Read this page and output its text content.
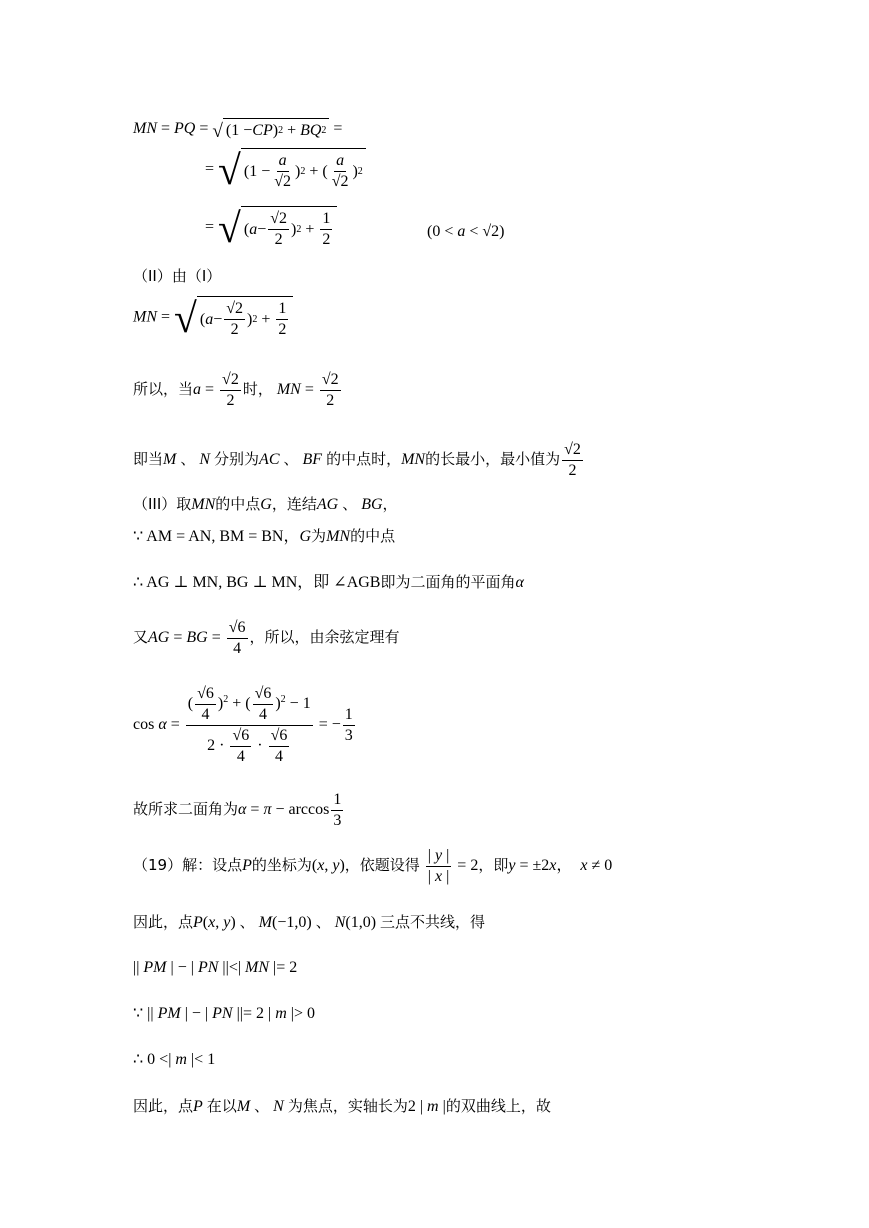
MN = PQ = √ (1 − CP ) 2 + BQ 2 =
= √ ($1 - \frac{a}{√2}$ ) 2 + ( $\frac{a}{√2}$ ) 2
= √ ( $a - \frac{√2}{2}$ ) $2 + \frac{1}{2}$	(0 < a < √2)
（II）由（I）
MN = √ ( $a - \frac{√2}{2}$ ) $2 + \frac{1}{2}$
所以，当$a = \frac{√2}{2}$ 时， MN = $\frac{√2}{2}$
即当M 、 N 分别为AC 、 BF 的中点时，MN的长最小，最小值为 $\frac{√2}{2}$
（III）取MN的中点G，连结AG 、 BG，
∵ AM = AN, BM = BN，G为MN的中点
∴ AG ⊥ MN, BG ⊥ MN，即 ∠AGB即为二面角的平面角α
又AG = BG = $\frac{√6}{4}$ ，所以，由余弦定理有
$\cos \alpha = \frac{( \frac{√6}{4} )^2 + ( \frac{√6}{4} )^2 - 1}{2 \cdot \frac{√6}{4} \cdot \frac{√6}{4}}$ = − $\frac{1}{3}$
故所求二面角为$\alpha = \pi - \arccos \frac{1}{3}$
（19）解：设点P的坐标为(x, y)，依题设得 $\frac{| y |}{| x |} = 2$，即y = ±2x，  x ≠ 0
因此，点P(x, y) 、 M(−1,0) 、 N(1,0) 三点不共线，得
|| PM | − | PN ||<| MN |= 2
∵ || PM | − | PN ||= 2 | m |> 0
∴ 0 <| m |< 1
因此，点P 在以M 、 N 为焦点，实轴长为2 | m |的双曲线上，故
